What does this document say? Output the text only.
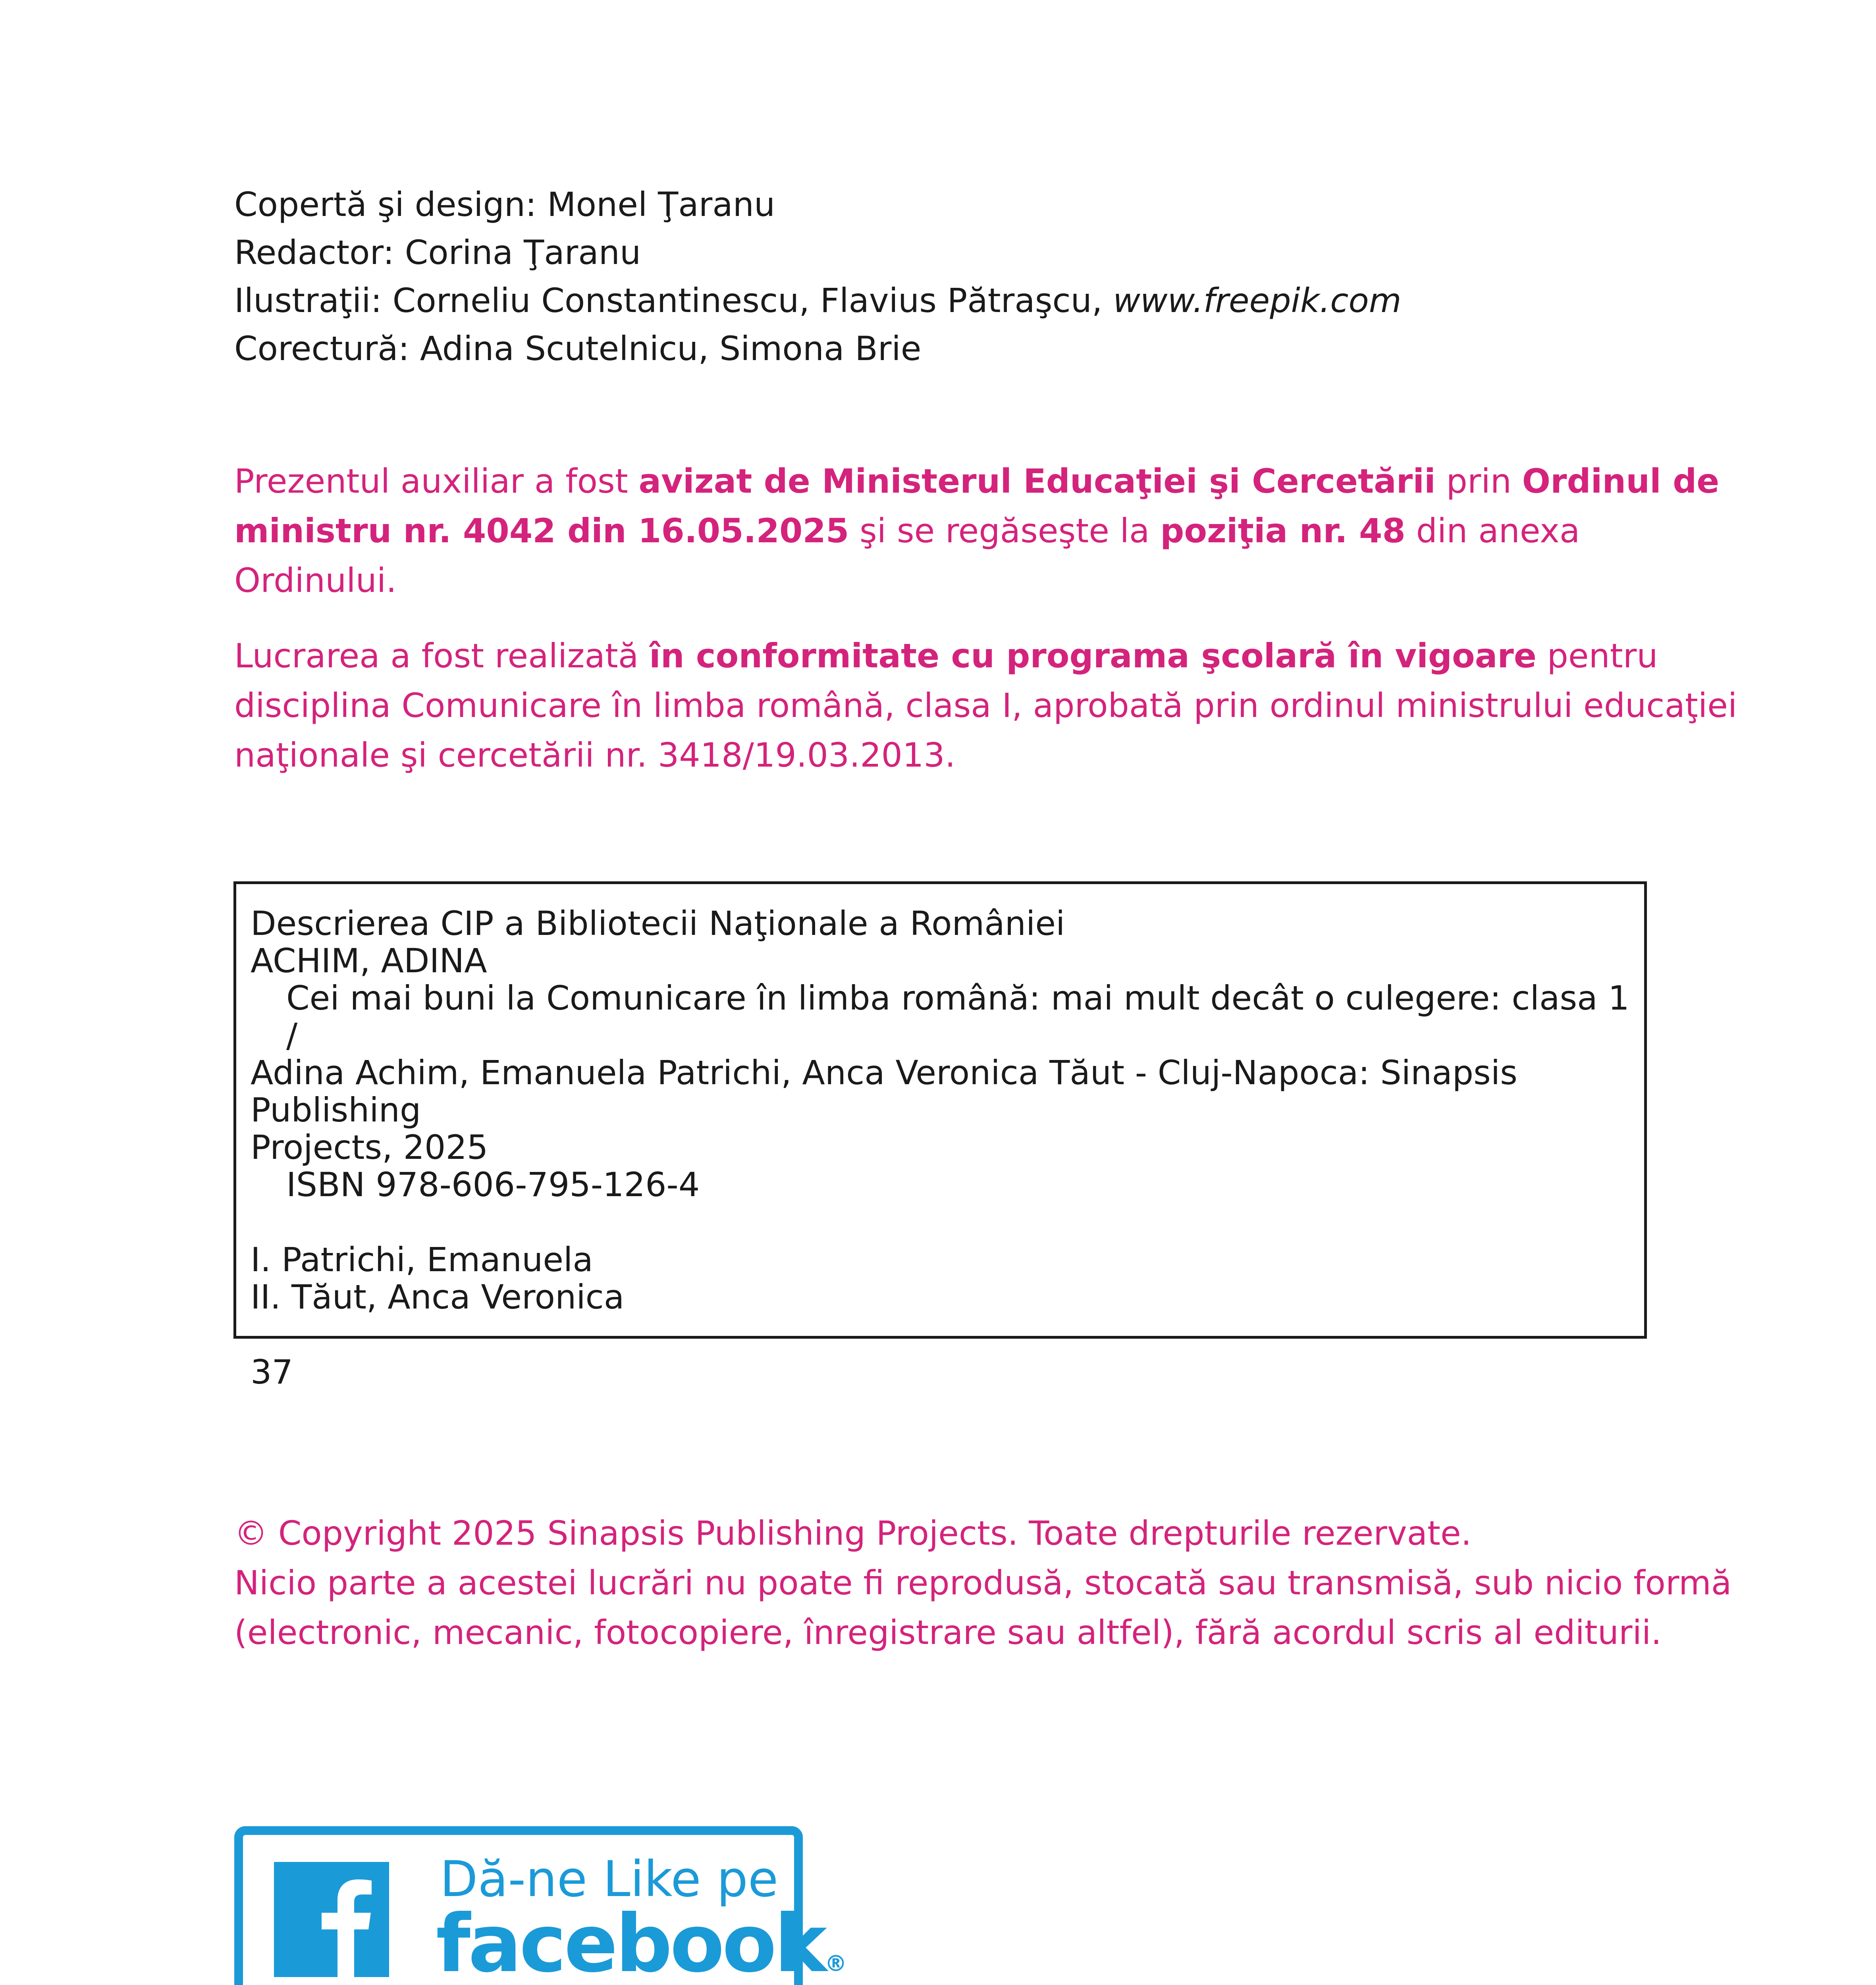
Copertă şi design: Monel Ţaranu
Redactor: Corina Ţaranu
Ilustraţii: Corneliu Constantinescu, Flavius Pătraşcu, www.freepik.com
Corectură: Adina Scutelnicu, Simona Brie
Prezentul auxiliar a fost avizat de Ministerul Educaţiei şi Cercetării prin Ordinul de ministru nr. 4042 din 16.05.2025 şi se regăseşte la poziţia nr. 48 din anexa Ordinului.
Lucrarea a fost realizată în conformitate cu programa şcolară în vigoare pentru disciplina Comunicare în limba română, clasa I, aprobată prin ordinul ministrului educaţiei naţionale şi cercetării nr. 3418/19.03.2013.
Descrierea CIP a Bibliotecii Naţionale a României
ACHIM, ADINA
Cei mai buni la Comunicare în limba română: mai mult decât o culegere: clasa 1 /
Adina Achim, Emanuela Patrichi, Anca Veronica Tăut - Cluj-Napoca: Sinapsis Publishing
Projects, 2025
ISBN 978-606-795-126-4
I. Patrichi, Emanuela
II. Tăut, Anca Veronica
37
© Copyright 2025 Sinapsis Publishing Projects. Toate drepturile rezervate.
Nicio parte a acestei lucrări nu poate fi reprodusă, stocată sau transmisă, sub nicio formă (electronic, mecanic, fotocopiere, înregistrare sau altfel), fără acordul scris al editurii.
Dă-ne Like pe
facebook®
